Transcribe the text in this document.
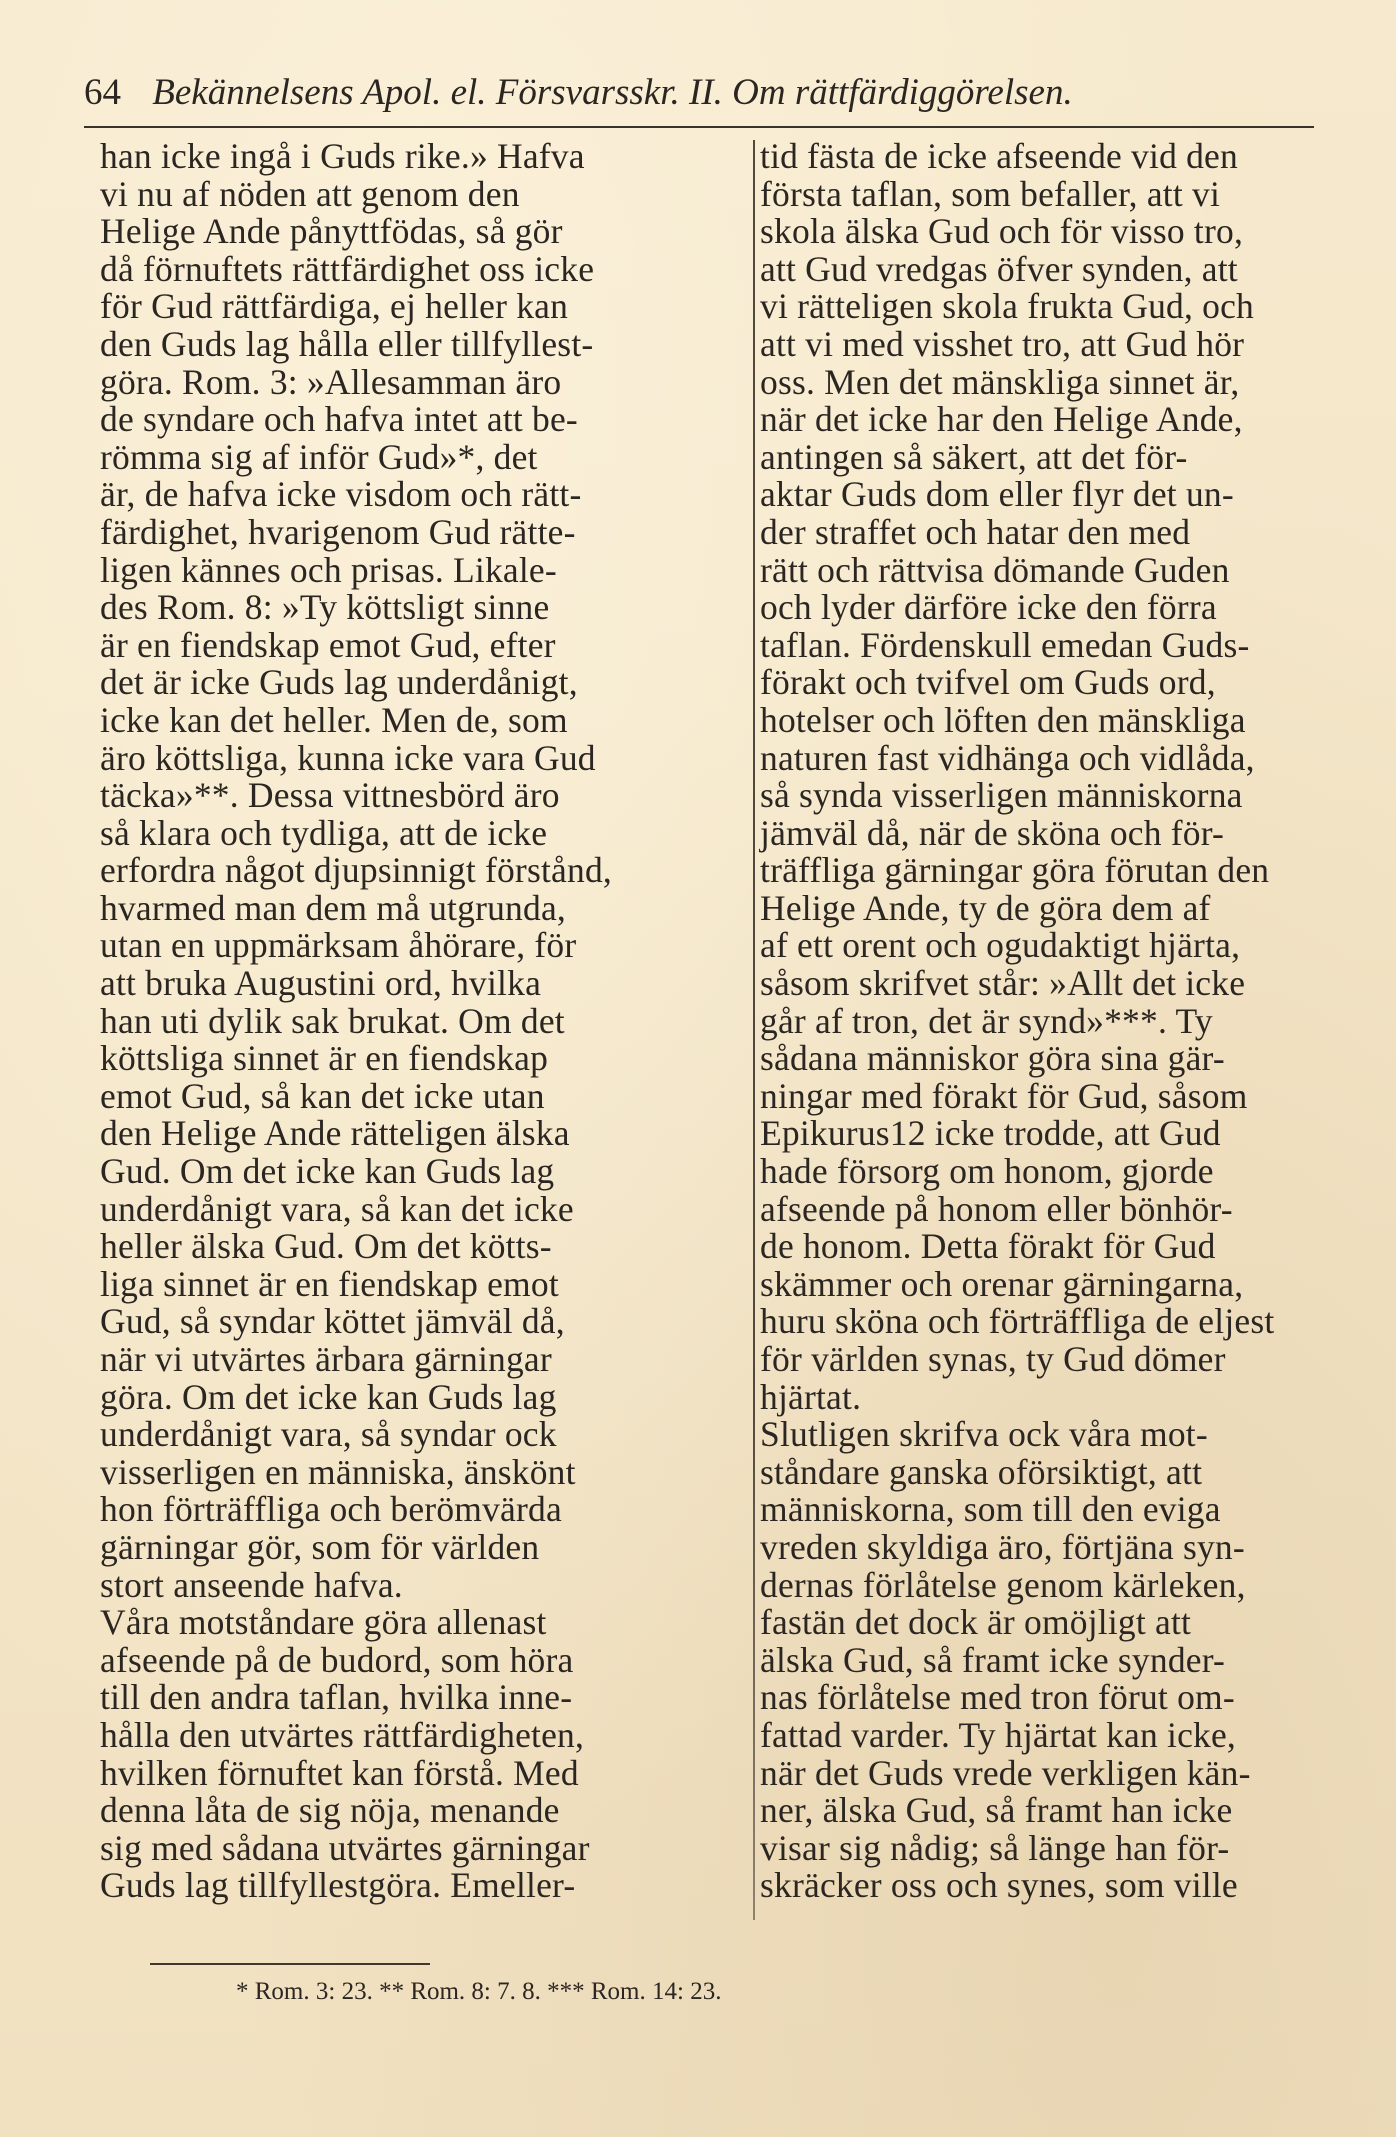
64 Bekännelsens Apol. el. Försvarsskr. II. Om rättfärdiggörelsen.
han icke ingå i Guds rike.» Hafva
vi nu af nöden att genom den
Helige Ande pånyttfödas, så gör
då förnuftets rättfärdighet oss icke
för Gud rättfärdiga, ej heller kan
den Guds lag hålla eller tillfyllest-
göra. Rom. 3: »Allesamman äro
de syndare och hafva intet att be-
römma sig af inför Gud»*, det
är, de hafva icke visdom och rätt-
färdighet, hvarigenom Gud rätte-
ligen kännes och prisas. Likale-
des Rom. 8: »Ty köttsligt sinne
är en fiendskap emot Gud, efter
det är icke Guds lag underdånigt,
icke kan det heller. Men de, som
äro köttsliga, kunna icke vara Gud
täcka»**. Dessa vittnesbörd äro
så klara och tydliga, att de icke
erfordra något djupsinnigt förstånd,
hvarmed man dem må utgrunda,
utan en uppmärksam åhörare, för
att bruka Augustini ord, hvilka
han uti dylik sak brukat. Om det
köttsliga sinnet är en fiendskap
emot Gud, så kan det icke utan
den Helige Ande rätteligen älska
Gud. Om det icke kan Guds lag
underdånigt vara, så kan det icke
heller älska Gud. Om det kötts-
liga sinnet är en fiendskap emot
Gud, så syndar köttet jämväl då,
när vi utvärtes ärbara gärningar
göra. Om det icke kan Guds lag
underdånigt vara, så syndar ock
visserligen en människa, änskönt
hon förträffliga och berömvärda
gärningar gör, som för världen
stort anseende hafva.
Våra motståndare göra allenast
afseende på de budord, som höra
till den andra taflan, hvilka inne-
hålla den utvärtes rättfärdigheten,
hvilken förnuftet kan förstå. Med
denna låta de sig nöja, menande
sig med sådana utvärtes gärningar
Guds lag tillfyllestgöra. Emeller-
tid fästa de icke afseende vid den
första taflan, som befaller, att vi
skola älska Gud och för visso tro,
att Gud vredgas öfver synden, att
vi rätteligen skola frukta Gud, och
att vi med visshet tro, att Gud hör
oss. Men det mänskliga sinnet är,
när det icke har den Helige Ande,
antingen så säkert, att det för-
aktar Guds dom eller flyr det un-
der straffet och hatar den med
rätt och rättvisa dömande Guden
och lyder därföre icke den förra
taflan. Fördenskull emedan Guds-
förakt och tvifvel om Guds ord,
hotelser och löften den mänskliga
naturen fast vidhänga och vidlåda,
så synda visserligen människorna
jämväl då, när de sköna och för-
träffliga gärningar göra förutan den
Helige Ande, ty de göra dem af
af ett orent och ogudaktigt hjärta,
såsom skrifvet står: »Allt det icke
går af tron, det är synd»***. Ty
sådana människor göra sina gär-
ningar med förakt för Gud, såsom
Epikurus12 icke trodde, att Gud
hade försorg om honom, gjorde
afseende på honom eller bönhör-
de honom. Detta förakt för Gud
skämmer och orenar gärningarna,
huru sköna och förträffliga de eljest
för världen synas, ty Gud dömer
hjärtat.
Slutligen skrifva ock våra mot-
ståndare ganska oförsiktigt, att
människorna, som till den eviga
vreden skyldiga äro, förtjäna syn-
dernas förlåtelse genom kärleken,
fastän det dock är omöjligt att
älska Gud, så framt icke synder-
nas förlåtelse med tron förut om-
fattad varder. Ty hjärtat kan icke,
när det Guds vrede verkligen kän-
ner, älska Gud, så framt han icke
visar sig nådig; så länge han för-
skräcker oss och synes, som ville
* Rom. 3: 23. ** Rom. 8: 7. 8. *** Rom. 14: 23.
